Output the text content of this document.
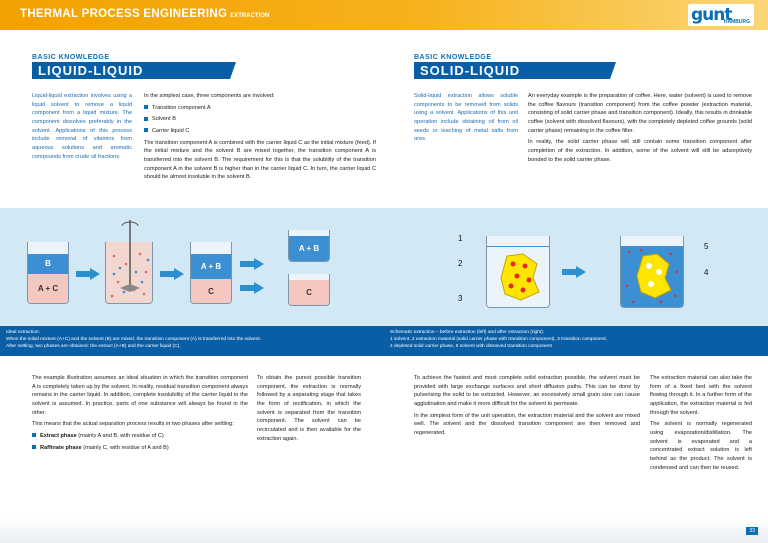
THERMAL PROCESS ENGINEERING EXTRACTION	gunt
HAMBURG
BASIC KNOWLEDGE
LIQUID-LIQUID EXTRACTION
Liquid-liquid extraction involves using a liquid solvent to remove a liquid component from a liquid mixture. The component dissolves preferably in the solvent. Applications of this process include removal of vitamins from aqueous solutions and aromatic compounds from crude oil fractions.

In the simplest case, three components are involved:

Transition component A
Solvent B
Carrier liquid C

The transition component A is combined with the carrier liquid C as the initial mixture (feed). If the initial mixture and the solvent B are mixed together, the transition component A is transferred into the solvent B. The requirement for this is that the solubility of the transition component A in the solvent B is higher than in the carrier liquid C. In turn, the carrier liquid C should be almost insoluble in the solvent B.

B
A + C
A + B
C
A + B
C
Ideal extraction:
When the initial mixture (A+C) and the solvent (B) are mixed, the transition component (A) is transferred into the solvent.
After settling, two phases are obtained: the extract (A+B) and the carrier liquid (C).

The example illustration assumes an ideal situation in which the transition component A is completely taken up by the solvent. In reality, residual transition component always remains in the carrier liquid. In addition, complete insolubility of the carrier liquid in the solvent is assumed. In practice, parts of one substance will always be found in the other.

This means that the actual separation process results in two phases after settling:

Extract phase (mainly A and B, with residue of C)
Raffinate phase (mainly C, with residue of A and B)
To obtain the purest possible transition component, the extraction is normally followed by a separating stage that takes the form of rectification, in which the solvent is separated from the transition component. The solvent can be recirculated and is then available for the extraction again.
BASIC KNOWLEDGE
SOLID-LIQUID EXTRACTION
Solid-liquid extraction allows soluble components to be removed from solids using a solvent. Applications of this unit operation include obtaining oil from oil seeds or leaching of metal salts from ores.

An everyday example is the preparation of coffee. Here, water (solvent) is used to remove the coffee flavours (transition component) from the coffee powder (extraction material, consisting of solid carrier phase and transition component). Ideally, this results in drinkable coffee (solvent with dissolved flavours), with the completely depleted coffee grounds (solid carrier phase) remaining in the coffee filter.

In reality, the solid carrier phase will still contain some transition component after completion of the extraction. In addition, some of the solvent will still be adsorptively bonded to the solid carrier phase.

1
2
3
5
4
Schematic extraction – before extraction (left) and after extraction (right):
1 solvent, 2 extraction material (solid carrier phase with transition component), 3 transition component,
4 depleted solid carrier phase, 5 solvent with dissolved transition component

To achieve the fastest and most complete solid extraction possible, the solvent must be provided with large exchange surfaces and short diffusion paths. This can be done by pulverising the solid to be extracted. However, an excessively small grain size can cause agglutination and make it more difficult for the solvent to permeate.

In the simplest form of the unit operation, the extraction material and the solvent are mixed well. The solvent and the dissolved transition component are then removed and regenerated.

The extraction material can also take the form of a fixed bed with the solvent flowing through it. In a further form of the application, the extraction material is fed through the solvent.

The solvent is normally regenerated using evaporation/distillation. The solvent is evaporated and a concentrated extract solution is left behind as the product. The solvent is condensed and can then be reused.

33
